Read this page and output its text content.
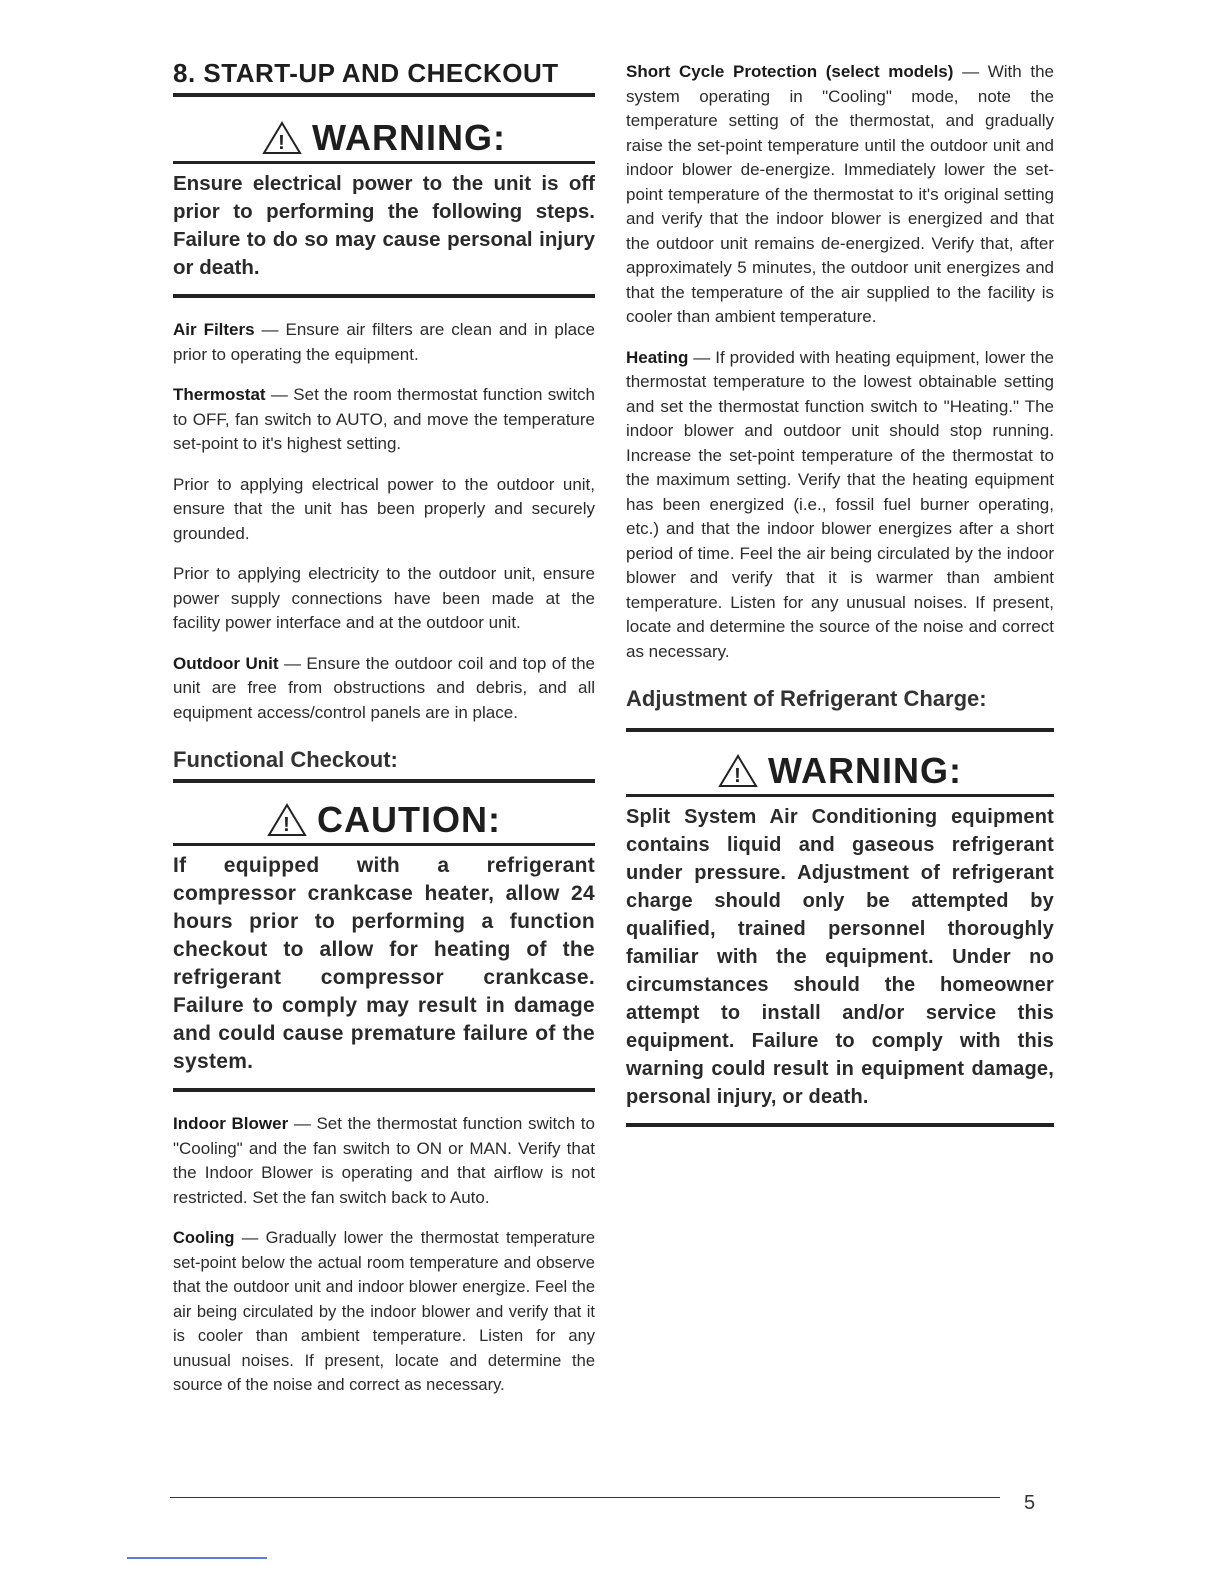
8. START-UP AND CHECKOUT
! WARNING:

Ensure electrical power to the unit is off prior to performing the following steps. Failure to do so may cause personal injury or death.

Air Filters — Ensure air filters are clean and in place prior to operating the equipment.

Thermostat — Set the room thermostat function switch to OFF, fan switch to AUTO, and move the temperature set-point to it's highest setting.

Prior to applying electrical power to the outdoor unit, ensure that the unit has been properly and securely grounded.

Prior to applying electricity to the outdoor unit, ensure power supply connections have been made at the facility power interface and at the outdoor unit.

Outdoor Unit — Ensure the outdoor coil and top of the unit are free from obstructions and debris, and all equipment access/control panels are in place.

Functional Checkout:
! CAUTION:

If equipped with a refrigerant compressor crankcase heater, allow 24 hours prior to performing a function checkout to allow for heating of the refrigerant compressor crankcase. Failure to comply may result in damage and could cause premature failure of the system.

Indoor Blower — Set the thermostat function switch to "Cooling" and the fan switch to ON or MAN. Verify that the Indoor Blower is operating and that airflow is not restricted. Set the fan switch back to Auto.

Cooling — Gradually lower the thermostat temperature set-point below the actual room temperature and observe that the outdoor unit and indoor blower energize. Feel the air being circulated by the indoor blower and verify that it is cooler than ambient temperature. Listen for any unusual noises. If present, locate and determine the source of the noise and correct as necessary.

Short Cycle Protection (select models) — With the system operating in "Cooling" mode, note the temperature setting of the thermostat, and gradually raise the set-point temperature until the outdoor unit and indoor blower de-energize. Immediately lower the set-point temperature of the thermostat to it's original setting and verify that the indoor blower is energized and that the outdoor unit remains de-energized. Verify that, after approximately 5 minutes, the outdoor unit energizes and that the temperature of the air supplied to the facility is cooler than ambient temperature.

Heating — If provided with heating equipment, lower the thermostat temperature to the lowest obtainable setting and set the thermostat function switch to "Heating." The indoor blower and outdoor unit should stop running. Increase the set-point temperature of the thermostat to the maximum setting. Verify that the heating equipment has been energized (i.e., fossil fuel burner operating, etc.) and that the indoor blower energizes after a short period of time. Feel the air being circulated by the indoor blower and verify that it is warmer than ambient temperature. Listen for any unusual noises. If present, locate and determine the source of the noise and correct as necessary.

Adjustment of Refrigerant Charge:
! WARNING:

Split System Air Conditioning equipment contains liquid and gaseous refrigerant under pressure. Adjustment of refrigerant charge should only be attempted by qualified, trained personnel thoroughly familiar with the equipment. Under no circumstances should the homeowner attempt to install and/or service this equipment. Failure to comply with this warning could result in equipment damage, personal injury, or death.

5
